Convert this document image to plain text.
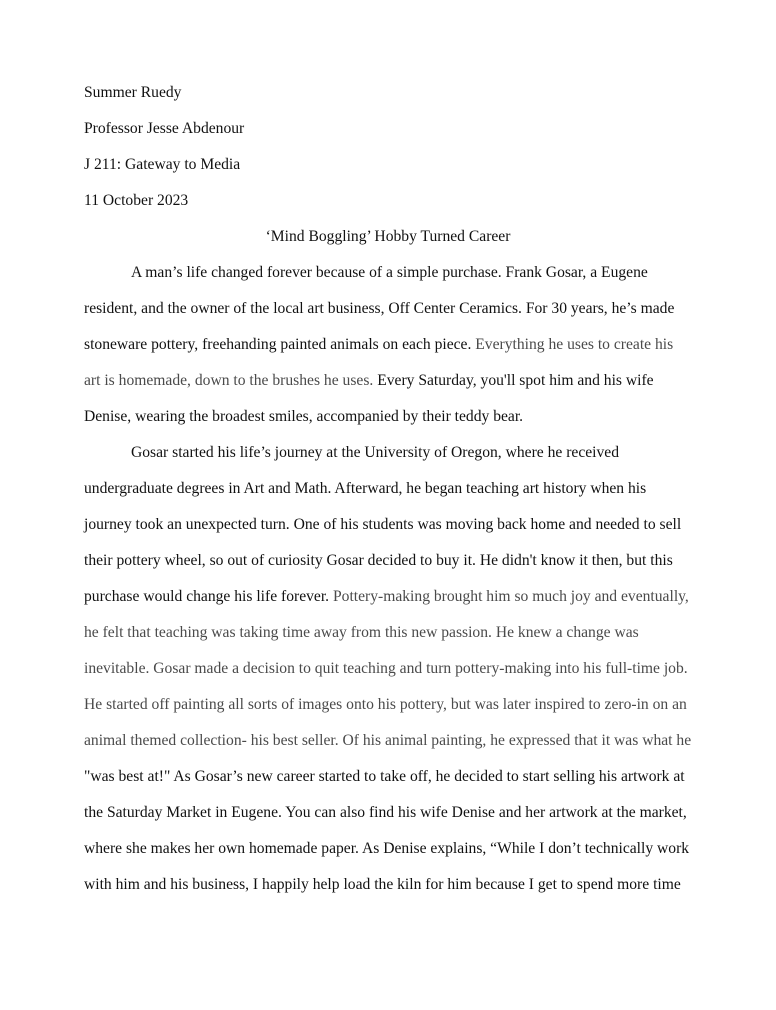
Summer Ruedy
Professor Jesse Abdenour
J 211: Gateway to Media
11 October 2023
‘Mind Boggling’ Hobby Turned Career
A man’s life changed forever because of a simple purchase. Frank Gosar, a Eugene
resident, and the owner of the local art business, Off Center Ceramics. For 30 years, he’s made
stoneware pottery, freehanding painted animals on each piece. Everything he uses to create his
art is homemade, down to the brushes he uses. Every Saturday, you'll spot him and his wife
Denise, wearing the broadest smiles, accompanied by their teddy bear.
Gosar started his life’s journey at the University of Oregon, where he received
undergraduate degrees in Art and Math. Afterward, he began teaching art history when his
journey took an unexpected turn. One of his students was moving back home and needed to sell
their pottery wheel, so out of curiosity Gosar decided to buy it. He didn't know it then, but this
purchase would change his life forever. Pottery-making brought him so much joy and eventually,
he felt that teaching was taking time away from this new passion. He knew a change was
inevitable. Gosar made a decision to quit teaching and turn pottery-making into his full-time job.
He started off painting all sorts of images onto his pottery, but was later inspired to zero-in on an
animal themed collection- his best seller. Of his animal painting, he expressed that it was what he
"was best at!" As Gosar’s new career started to take off, he decided to start selling his artwork at
the Saturday Market in Eugene. You can also find his wife Denise and her artwork at the market,
where she makes her own homemade paper. As Denise explains, “While I don’t technically work
with him and his business, I happily help load the kiln for him because I get to spend more time
